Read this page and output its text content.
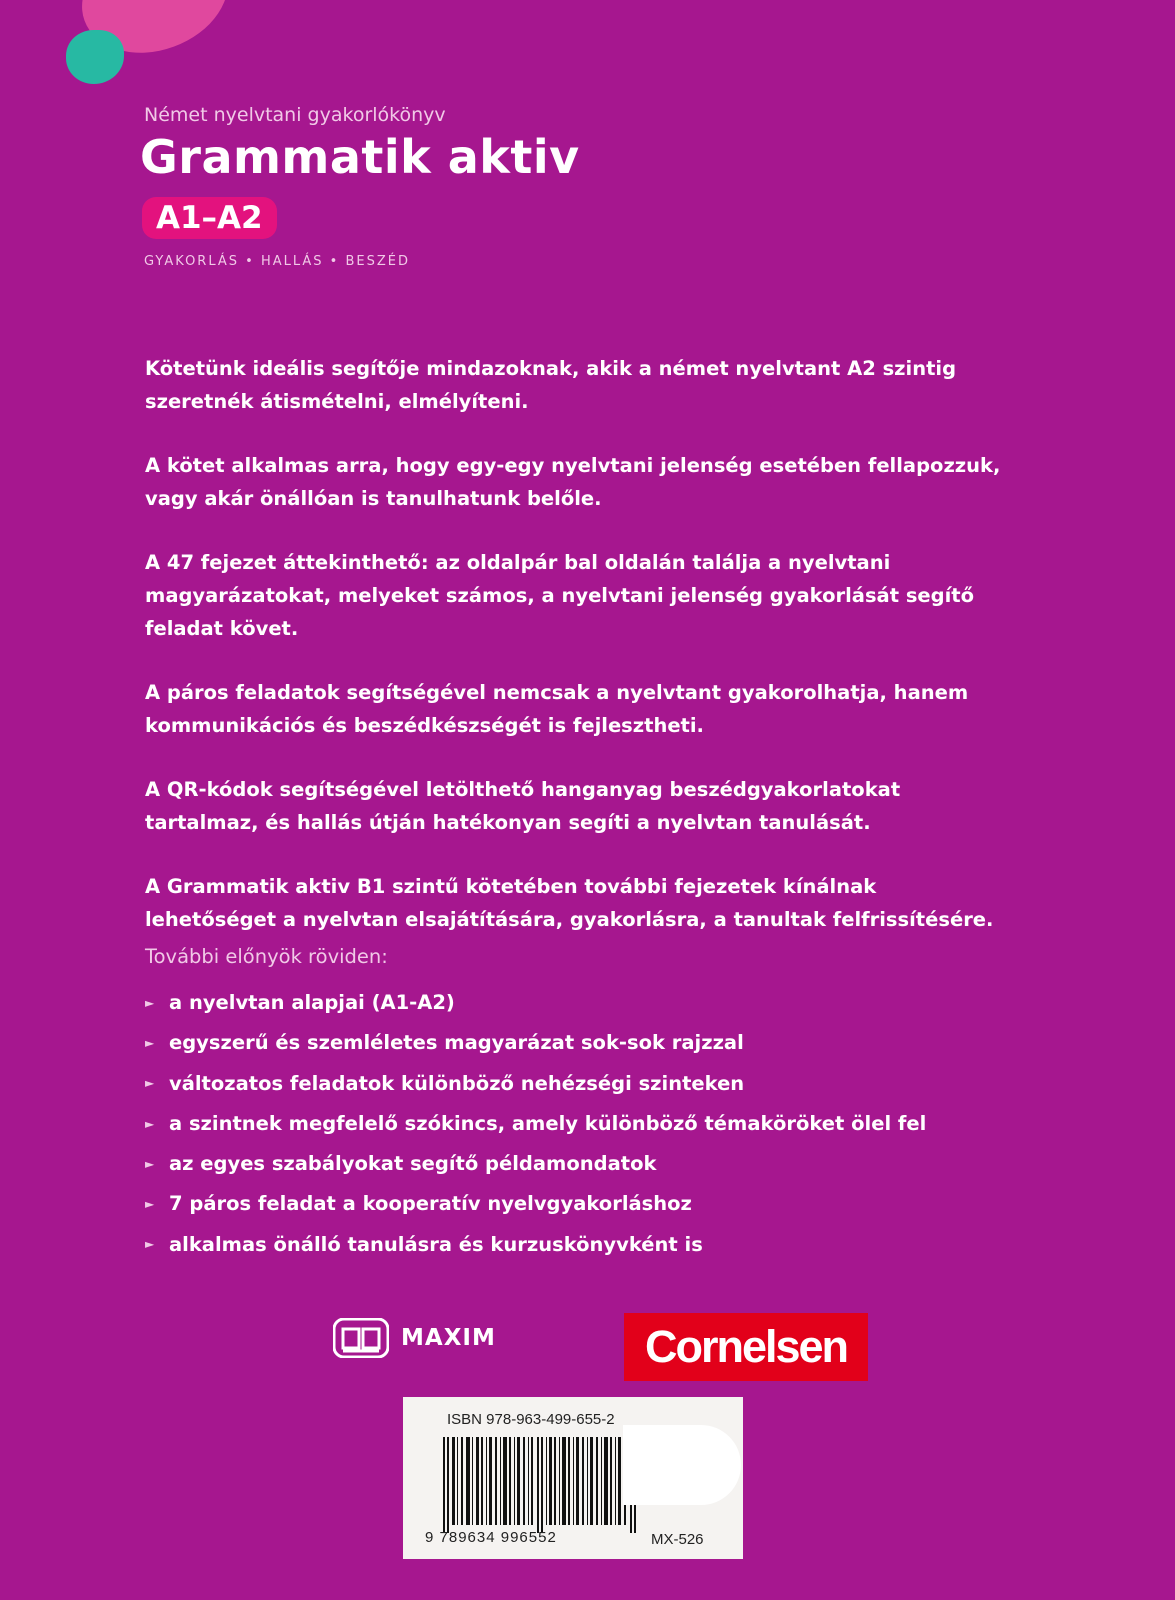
Német nyelvtani gyakorlókönyv
Grammatik aktiv
A1–A2
GYAKORLÁS • HALLÁS • BESZÉD

Kötetünk ideális segítője mindazoknak, akik a német nyelvtant A2 szintig szeretnék átismételni, elmélyíteni.

A kötet alkalmas arra, hogy egy-egy nyelvtani jelenség esetében fellapozzuk, vagy akár önállóan is tanulhatunk belőle.

A 47 fejezet áttekinthető: az oldalpár bal oldalán találja a nyelvtani magyarázatokat, melyeket számos, a nyelvtani jelenség gyakorlását segítő feladat követ.

A páros feladatok segítségével nemcsak a nyelvtant gyakorolhatja, hanem kommunikációs és beszédkészségét is fejlesztheti.

A QR-kódok segítségével letölthető hanganyag beszédgyakorlatokat tartalmaz, és hallás útján hatékonyan segíti a nyelvtan tanulását.

A Grammatik aktiv B1 szintű kötetében további fejezetek kínálnak lehetőséget a nyelvtan elsajátítására, gyakorlásra, a tanultak felfrissítésére.

További előnyök röviden:
► a nyelvtan alapjai (A1-A2)
► egyszerű és szemléletes magyarázat sok-sok rajzzal
► változatos feladatok különböző nehézségi szinteken
► a szintnek megfelelő szókincs, amely különböző témaköröket ölel fel
► az egyes szabályokat segítő példamondatok
► 7 páros feladat a kooperatív nyelvgyakorláshoz
► alkalmas önálló tanulásra és kurzuskönyvként is
MAXIM	Cornelsen
ISBN 978-963-499-655-2
9 789634 996552	MX-526
